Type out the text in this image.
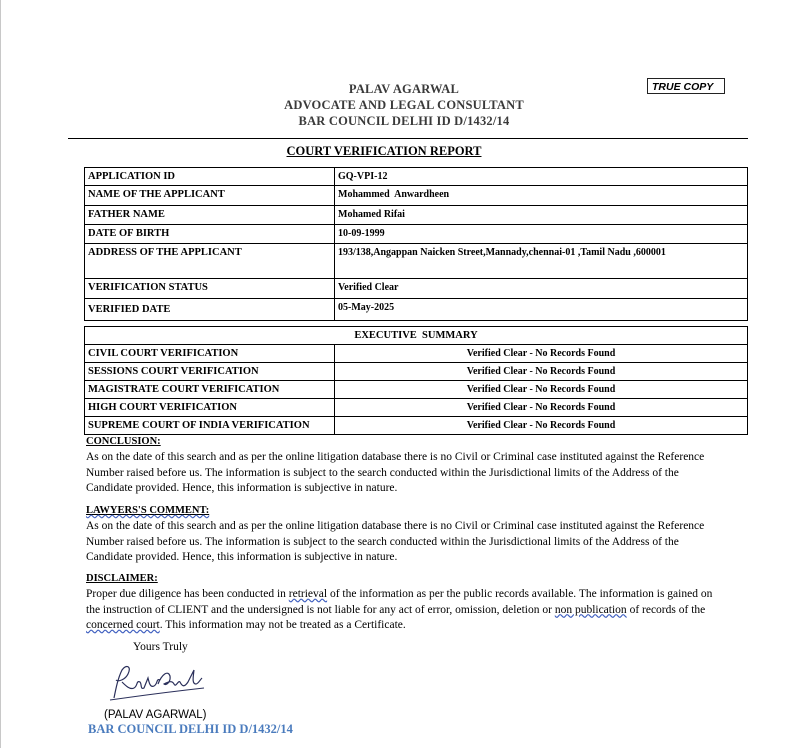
PALAV AGARWAL
ADVOCATE AND LEGAL CONSULTANT
BAR COUNCIL DELHI ID D/1432/14
TRUE COPY
COURT VERIFICATION REPORT
APPLICATION ID	GQ-VPI-12
NAME OF THE APPLICANT	Mohammed  Anwardheen
FATHER NAME	Mohamed Rifai
DATE OF BIRTH	10-09-1999
ADDRESS OF THE APPLICANT	193/138,Angappan Naicken Street,Mannady,chennai-01 ,Tamil Nadu ,600001
VERIFICATION STATUS	Verified Clear
VERIFIED DATE	05-May-2025
EXECUTIVE  SUMMARY	
CIVIL COURT VERIFICATION	Verified Clear - No Records Found
SESSIONS COURT VERIFICATION	Verified Clear - No Records Found
MAGISTRATE COURT VERIFICATION	Verified Clear - No Records Found
HIGH COURT VERIFICATION	Verified Clear - No Records Found
SUPREME COURT OF INDIA VERIFICATION	Verified Clear - No Records Found
CONCLUSION:
As on the date of this search and as per the online litigation database there is no Civil or Criminal case instituted against the Reference
Number raised before us. The information is subject to the search conducted within the Jurisdictional limits of the Address of the
Candidate provided. Hence, this information is subjective in nature.
LAWYERS'S COMMENT:
As on the date of this search and as per the online litigation database there is no Civil or Criminal case instituted against the Reference
Number raised before us. The information is subject to the search conducted within the Jurisdictional limits of the Address of the
Candidate provided. Hence, this information is subjective in nature.
DISCLAIMER:
Proper due diligence has been conducted in retrieval of the information as per the public records available. The information is gained on
the instruction of CLIENT and the undersigned is not liable for any act of error, omission, deletion or non publication of records of the
concerned court. This information may not be treated as a Certificate.
Yours Truly
(PALAV AGARWAL)
BAR COUNCIL DELHI ID D/1432/14
